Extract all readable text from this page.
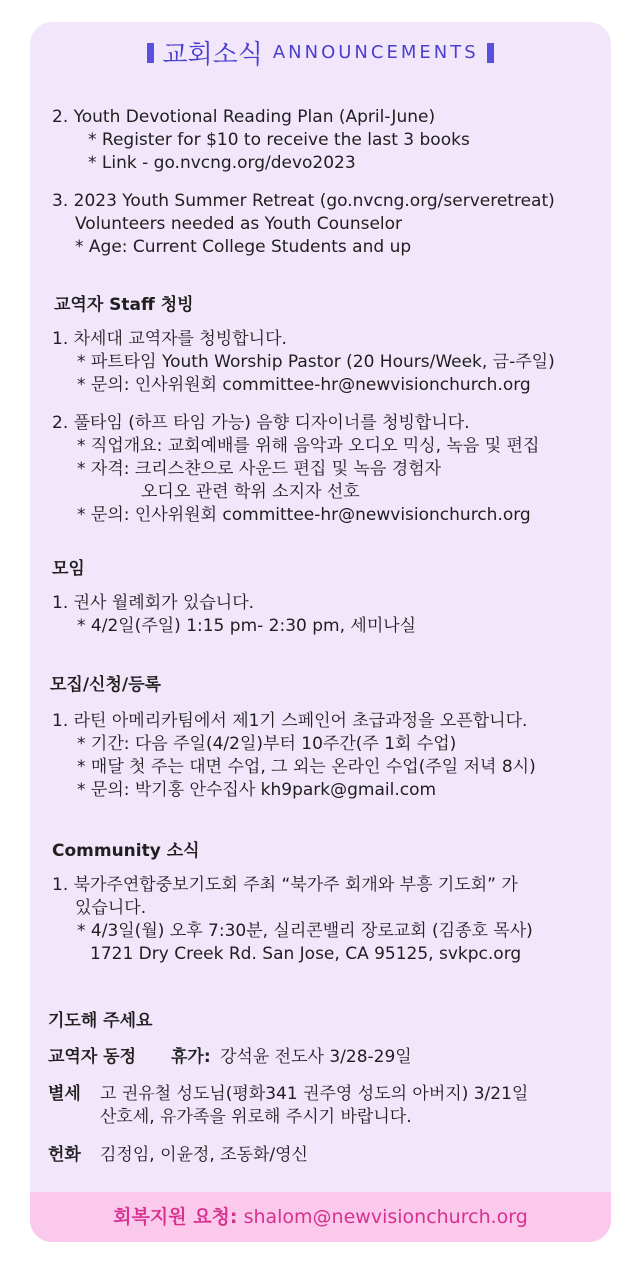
교회소식 ANNOUNCEMENTS
2. Youth Devotional Reading Plan (April-June)
* Register for $10 to receive the last 3 books
* Link - go.nvcng.org/devo2023
3. 2023 Youth Summer Retreat (go.nvcng.org/serveretreat)
Volunteers needed as Youth Counselor
* Age: Current College Students and up
교역자 Staff 청빙
1. 차세대 교역자를 청빙합니다.
* 파트타임 Youth Worship Pastor (20 Hours/Week, 금-주일)
* 문의: 인사위원회 committee-hr@newvisionchurch.org
2. 풀타임 (하프 타임 가능) 음향 디자이너를 청빙합니다.
* 직업개요: 교회예배를 위해 음악과 오디오 믹싱, 녹음 및 편집
* 자격: 크리스챤으로 사운드 편집 및 녹음 경험자
오디오 관련 학위 소지자 선호
* 문의: 인사위원회 committee-hr@newvisionchurch.org
모임
1. 권사 월례회가 있습니다.
* 4/2일(주일) 1:15 pm- 2:30 pm, 세미나실
모집/신청/등록
1. 라틴 아메리카팀에서 제1기 스페인어 초급과정을 오픈합니다.
* 기간: 다음 주일(4/2일)부터 10주간(주 1회 수업)
* 매달 첫 주는 대면 수업, 그 외는 온라인 수업(주일 저녁 8시)
* 문의: 박기홍 안수집사 kh9park@gmail.com
Community 소식
1. 북가주연합중보기도회 주최 “북가주 회개와 부흥 기도회” 가
있습니다.
* 4/3일(월) 오후 7:30분, 실리콘밸리 장로교회 (김종호 목사)
1721 Dry Creek Rd. San Jose, CA 95125, svkpc.org
기도해 주세요
교역자 동정 휴가: 강석윤 전도사 3/28-29일
별세 고 권유철 성도님(평화341 권주영 성도의 아버지) 3/21일
산호세, 유가족을 위로해 주시기 바랍니다.
헌화 김정임, 이윤정, 조동화/영신
회복지원 요청: shalom@newvisionchurch.org
